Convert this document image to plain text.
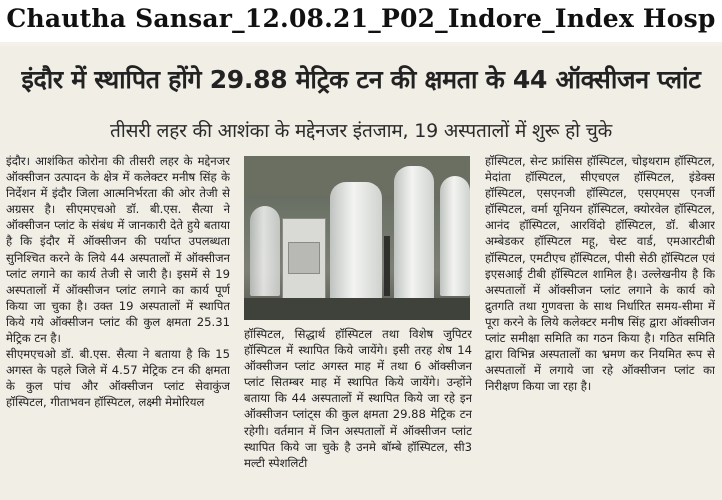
Chautha Sansar_12.08.21_P02_Indore_Index Hosp
इंदौर में स्थापित होंगे 29.88 मेट्रिक टन की क्षमता के 44 ऑक्सीजन प्लांट
तीसरी लहर की आशंका के मद्देनजर इंतजाम, 19 अस्पतालों में शुरू हो चुके

इंदौर। आशंकित कोरोना की तीसरी लहर के मद्देनजर ऑक्सीजन उत्पादन के क्षेत्र में कलेक्टर मनीष सिंह के निर्देशन में इंदौर जिला आत्मनिर्भरता की ओर तेजी से अग्रसर है। सीएमएचओ डॉ. बी.एस. सैत्या ने ऑक्सीजन प्लांट के संबंध में जानकारी देते हुये बताया है कि इंदौर में ऑक्सीजन की पर्याप्त उपलब्धता सुनिश्चित करने के लिये 44 अस्पतालों में ऑक्सीजन प्लांट लगाने का कार्य तेजी से जारी है। इसमें से 19 अस्पतालों में ऑक्सीजन प्लांट लगाने का कार्य पूर्ण किया जा चुका है। उक्त 19 अस्पतालों में स्थापित किये गये ऑक्सीजन प्लांट की कुल क्षमता 25.31 मेट्रिक टन है।

सीएमएचओ डॉ. बी.एस. सैत्या ने बताया है कि 15 अगस्त के पहले जिले में 4.57 मेट्रिक टन की क्षमता के कुल पांच और ऑक्सीजन प्लांट सेवाकुंज हॉस्पिटल, गीताभवन हॉस्पिटल, लक्ष्मी मेमोरियल

हॉस्पिटल, सिद्धार्थ हॉस्पिटल तथा विशेष जुपिटर हॉस्पिटल में स्थापित किये जायेंगे। इसी तरह शेष 14 ऑक्सीजन प्लांट अगस्त माह में तथा 6 ऑक्सीजन प्लांट सितम्बर माह में स्थापित किये जायेंगे। उन्होंने बताया कि 44 अस्पतालों में स्थापित किये जा रहे इन ऑक्सीजन प्लांट्स की कुल क्षमता 29.88 मेट्रिक टन रहेगी। वर्तमान में जिन अस्पतालों में ऑक्सीजन प्लांट स्थापित किये जा चुके है उनमे बॉम्बे हॉस्पिटल, सी3 मल्टी स्पेशलिटी

हॉस्पिटल, सेन्ट फ्रांसिस हॉस्पिटल, चोइथराम हॉस्पिटल, मेदांता हॉस्पिटल, सीएचएल हॉस्पिटल, इंडेक्स हॉस्पिटल, एसएनजी हॉस्पिटल, एसएमएस एनर्जी हॉस्पिटल, वर्मा यूनियन हॉस्पिटल, क्योरवेल हॉस्पिटल, आनंद हॉस्पिटल, आरविंदो हॉस्पिटल, डॉ. बीआर अम्बेडकर हॉस्पिटल महू, चेस्ट वार्ड, एमआरटीबी हॉस्पिटल, एमटीएच हॉस्पिटल, पीसी सेठी हॉस्पिटल एवं इएसआई टीबी हॉस्पिटल शामिल है। उल्लेखनीय है कि अस्पतालों में ऑक्सीजन प्लांट लगाने के कार्य को द्रुतगति तथा गुणवत्ता के साथ निर्धारित समय-सीमा में पूरा करने के लिये कलेक्टर मनीष सिंह द्वारा ऑक्सीजन प्लांट समीक्षा समिति का गठन किया है। गठित समिति द्वारा विभिन्न अस्पतालों का भ्रमण कर नियमित रूप से अस्पतालों में लगाये जा रहे ऑक्सीजन प्लांट का निरीक्षण किया जा रहा है।
